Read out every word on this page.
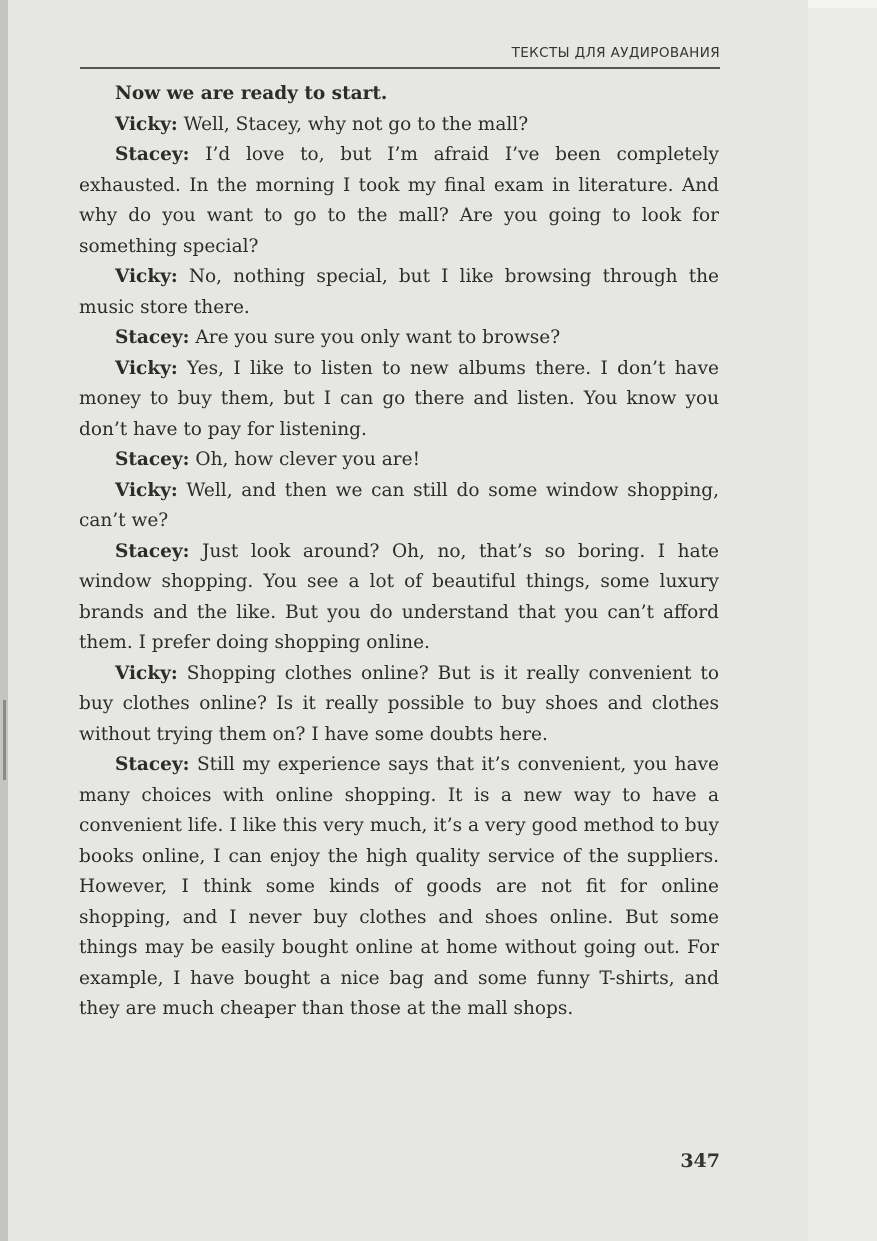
ТЕКСТЫ ДЛЯ АУДИРОВАНИЯ

Now we are ready to start.

Vicky: Well, Stacey, why not go to the mall?

Stacey: I’d love to, but I’m afraid I’ve been completely exhausted. In the morning I took my final exam in literature. And why do you want to go to the mall? Are you going to look for something special?

Vicky: No, nothing special, but I like browsing through the music store there.

Stacey: Are you sure you only want to browse?

Vicky: Yes, I like to listen to new albums there. I don’t have money to buy them, but I can go there and listen. You know you don’t have to pay for listening.

Stacey: Oh, how clever you are!

Vicky: Well, and then we can still do some window shopping, can’t we?

Stacey: Just look around? Oh, no, that’s so boring. I hate window shopping. You see a lot of beautiful things, some luxury brands and the like. But you do understand that you can’t afford them. I prefer doing shopping online.

Vicky: Shopping clothes online? But is it really convenient to buy clothes online? Is it really possible to buy shoes and clothes without trying them on? I have some doubts here.

Stacey: Still my experience says that it’s convenient, you have many choices with online shopping. It is a new way to have a convenient life. I like this very much, it’s a very good method to buy books online, I can enjoy the high quality service of the suppliers. However, I think some kinds of goods are not fit for online shopping, and I never buy clothes and shoes online. But some things may be easily bought online at home without going out. For example, I have bought a nice bag and some funny T-shirts, and they are much cheaper than those at the mall shops.

347
